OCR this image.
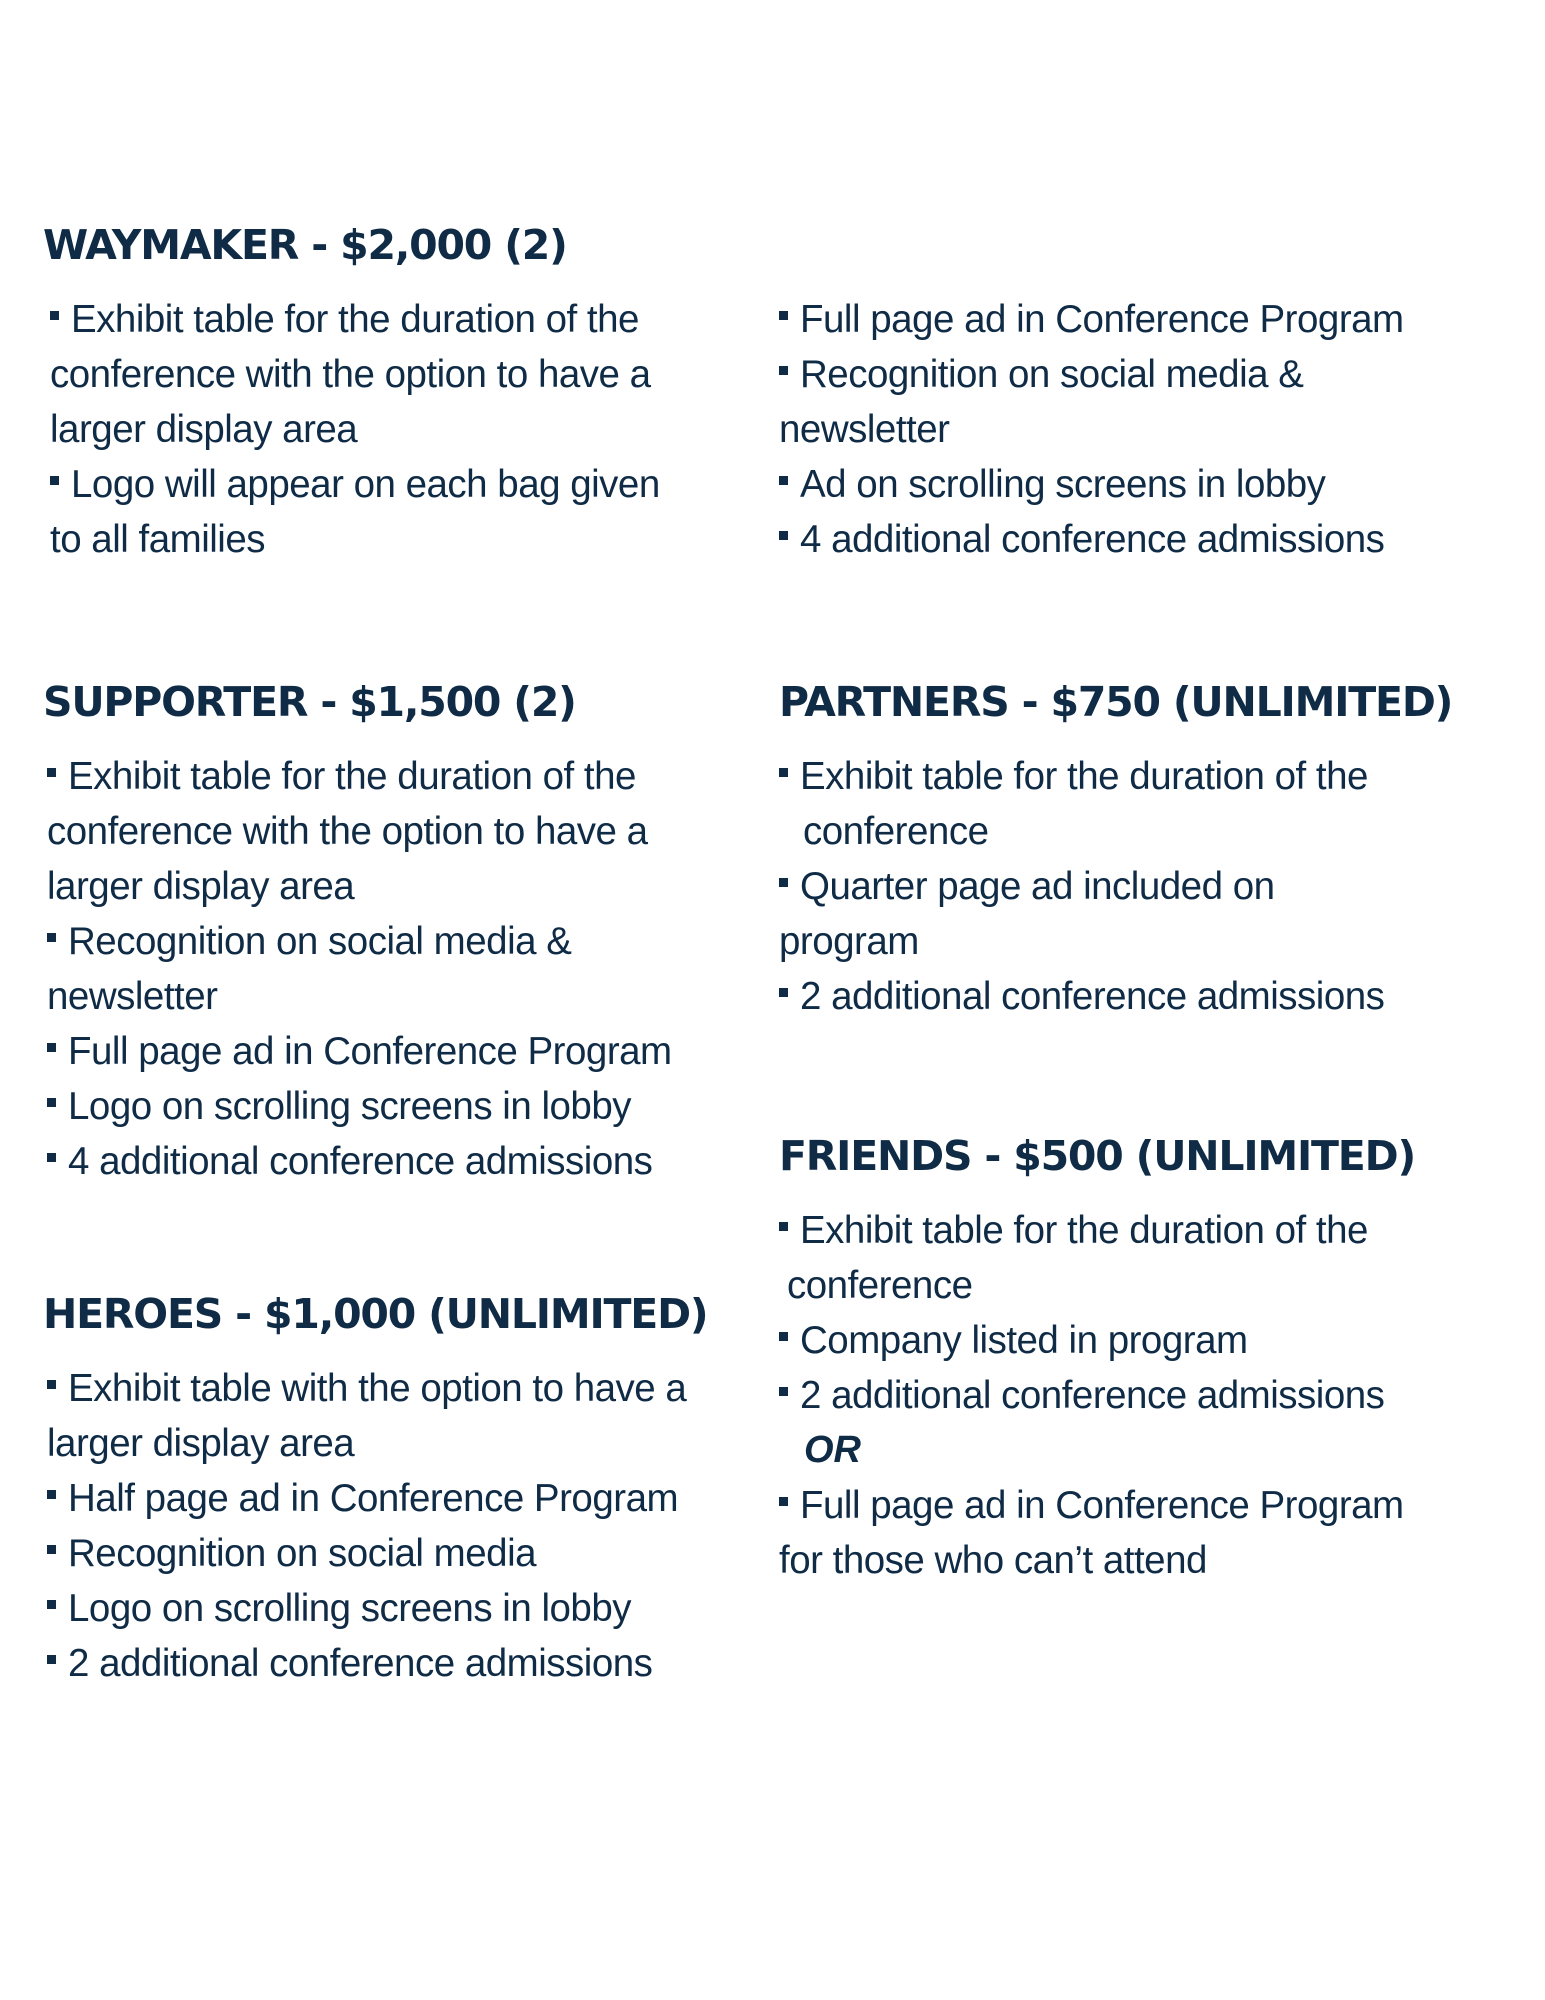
WAYMAKER - $2,000 (2)
Exhibit table for the duration of the conference with the option to have a larger display area
Logo will appear on each bag given to all families
Full page ad in Conference Program
Recognition on social media & newsletter
Ad on scrolling screens in lobby
4 additional conference admissions
SUPPORTER - $1,500 (2)
Exhibit table for the duration of the conference with the option to have a larger display area
Recognition on social media & newsletter
Full page ad in Conference Program
Logo on scrolling screens in lobby
4 additional conference admissions
PARTNERS - $750 (UNLIMITED)
Exhibit table for the duration of the
conference
Quarter page ad included on program
2 additional conference admissions
HEROES - $1,000 (UNLIMITED)
Exhibit table with the option to have a larger display area
Half page ad in Conference Program
Recognition on social media
Logo on scrolling screens in lobby
2 additional conference admissions
FRIENDS - $500 (UNLIMITED)
Exhibit table for the duration of the
conference
Company listed in program
2 additional conference admissions
OR
Full page ad in Conference Program for those who can’t attend
